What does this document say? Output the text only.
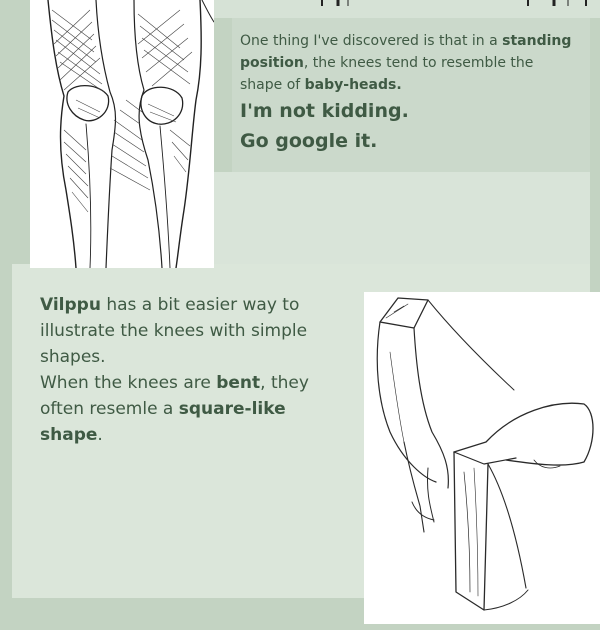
One thing I've discovered is that in a standing position, the knees tend to resemble the shape of baby-heads.
I'm not kidding.
Go google it.
Vilppu has a bit easier way to illustrate the knees with simple shapes.
When the knees are bent, they often resemle a square-like shape.
